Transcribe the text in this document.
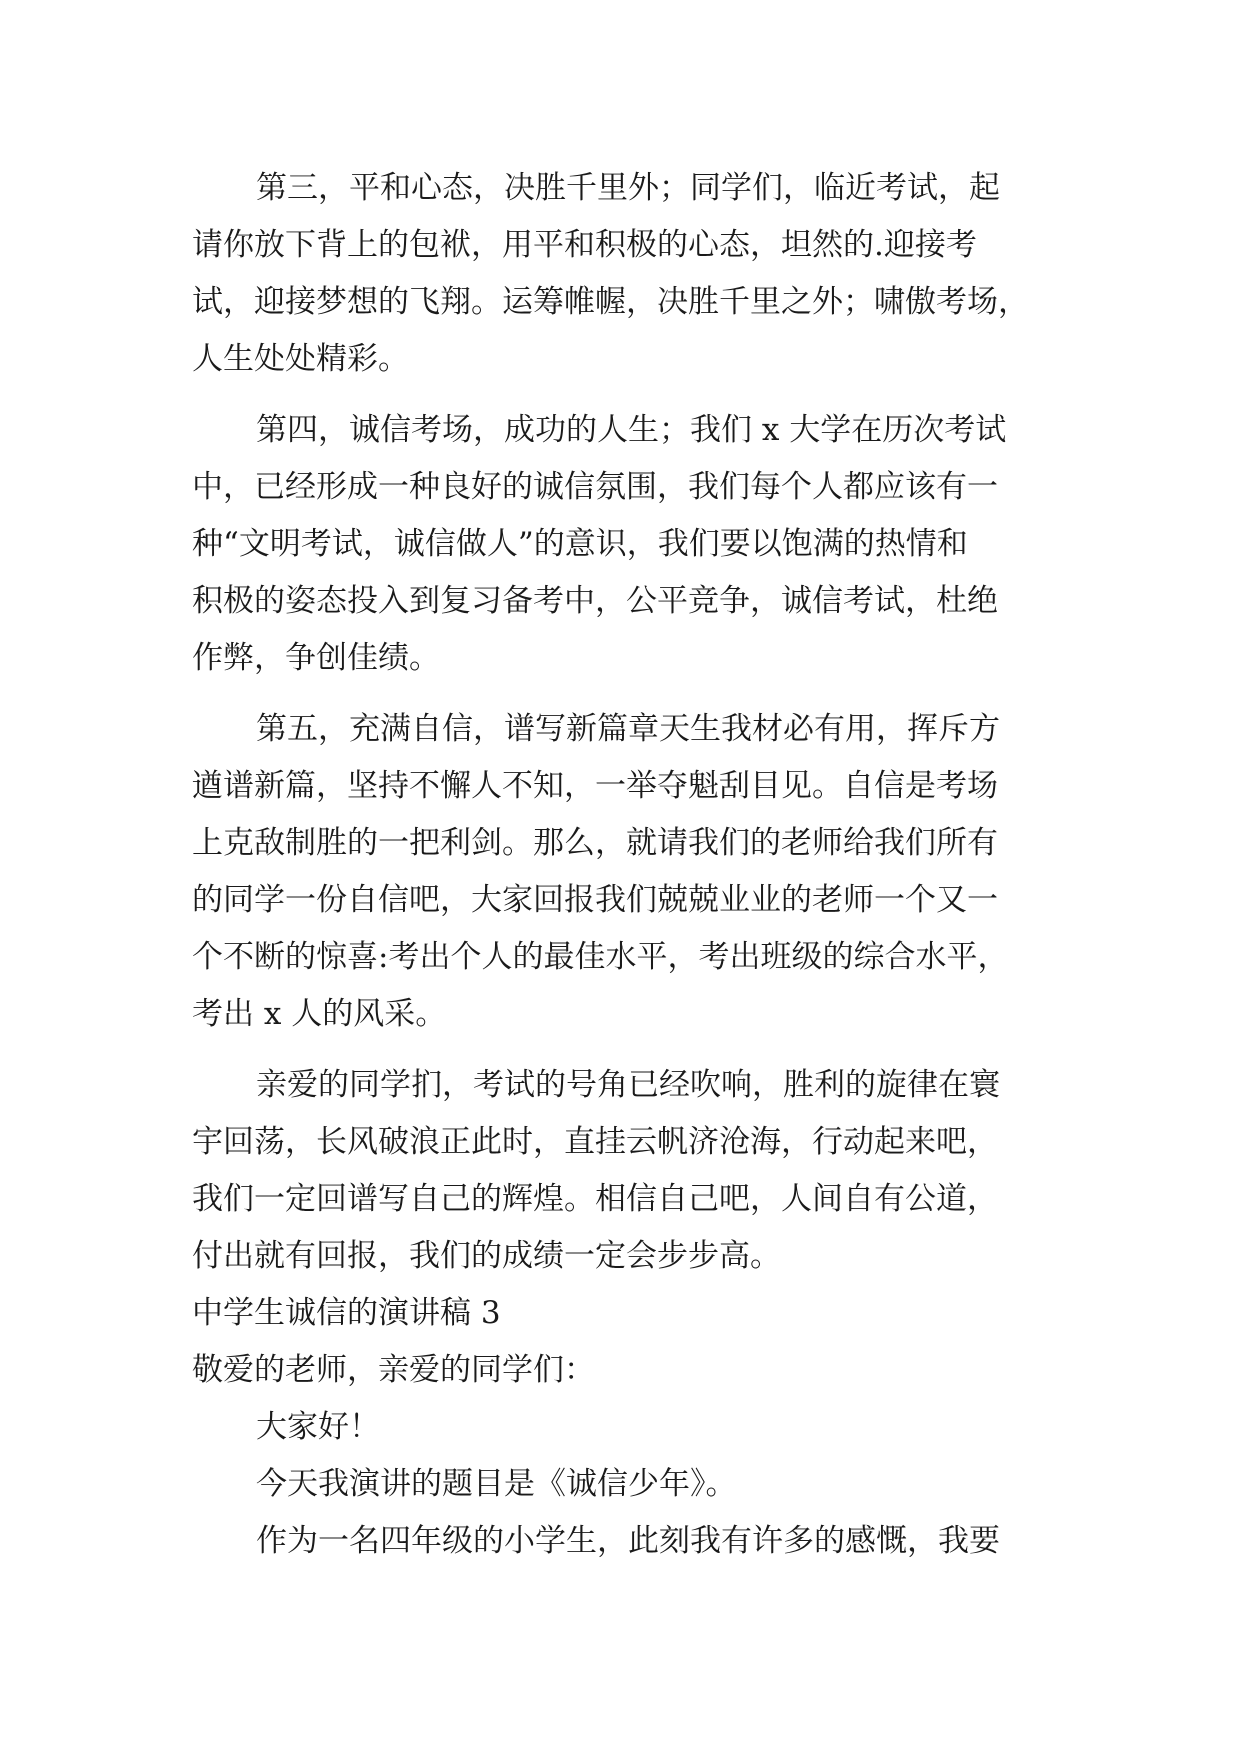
第三，平和心态，决胜千里外；同学们，临近考试，起
请你放下背上的包袱，用平和积极的心态，坦然的.迎接考
试，迎接梦想的飞翔。运筹帷幄，决胜千里之外；啸傲考场，
人生处处精彩。
第四，诚信考场，成功的人生；我们 x 大学在历次考试
中，已经形成一种良好的诚信氛围，我们每个人都应该有一
种“文明考试，诚信做人”的意识，我们要以饱满的热情和
积极的姿态投入到复习备考中，公平竞争，诚信考试，杜绝
作弊，争创佳绩。
第五，充满自信，谱写新篇章天生我材必有用，挥斥方
遒谱新篇，坚持不懈人不知，一举夺魁刮目见。自信是考场
上克敌制胜的一把利剑。那么，就请我们的老师给我们所有
的同学一份自信吧，大家回报我们兢兢业业的老师一个又一
个不断的惊喜:考出个人的最佳水平，考出班级的综合水平，
考出 x 人的风采。
亲爱的同学扪，考试的号角已经吹响，胜利的旋律在寰
宇回荡，长风破浪正此时，直挂云帆济沧海，行动起来吧，
我们一定回谱写自己的辉煌。相信自己吧，人间自有公道，
付出就有回报，我们的成绩一定会步步高。
中学生诚信的演讲稿 3
敬爱的老师，亲爱的同学们：
大家好！
今天我演讲的题目是《诚信少年》。
作为一名四年级的小学生，此刻我有许多的感慨，我要
